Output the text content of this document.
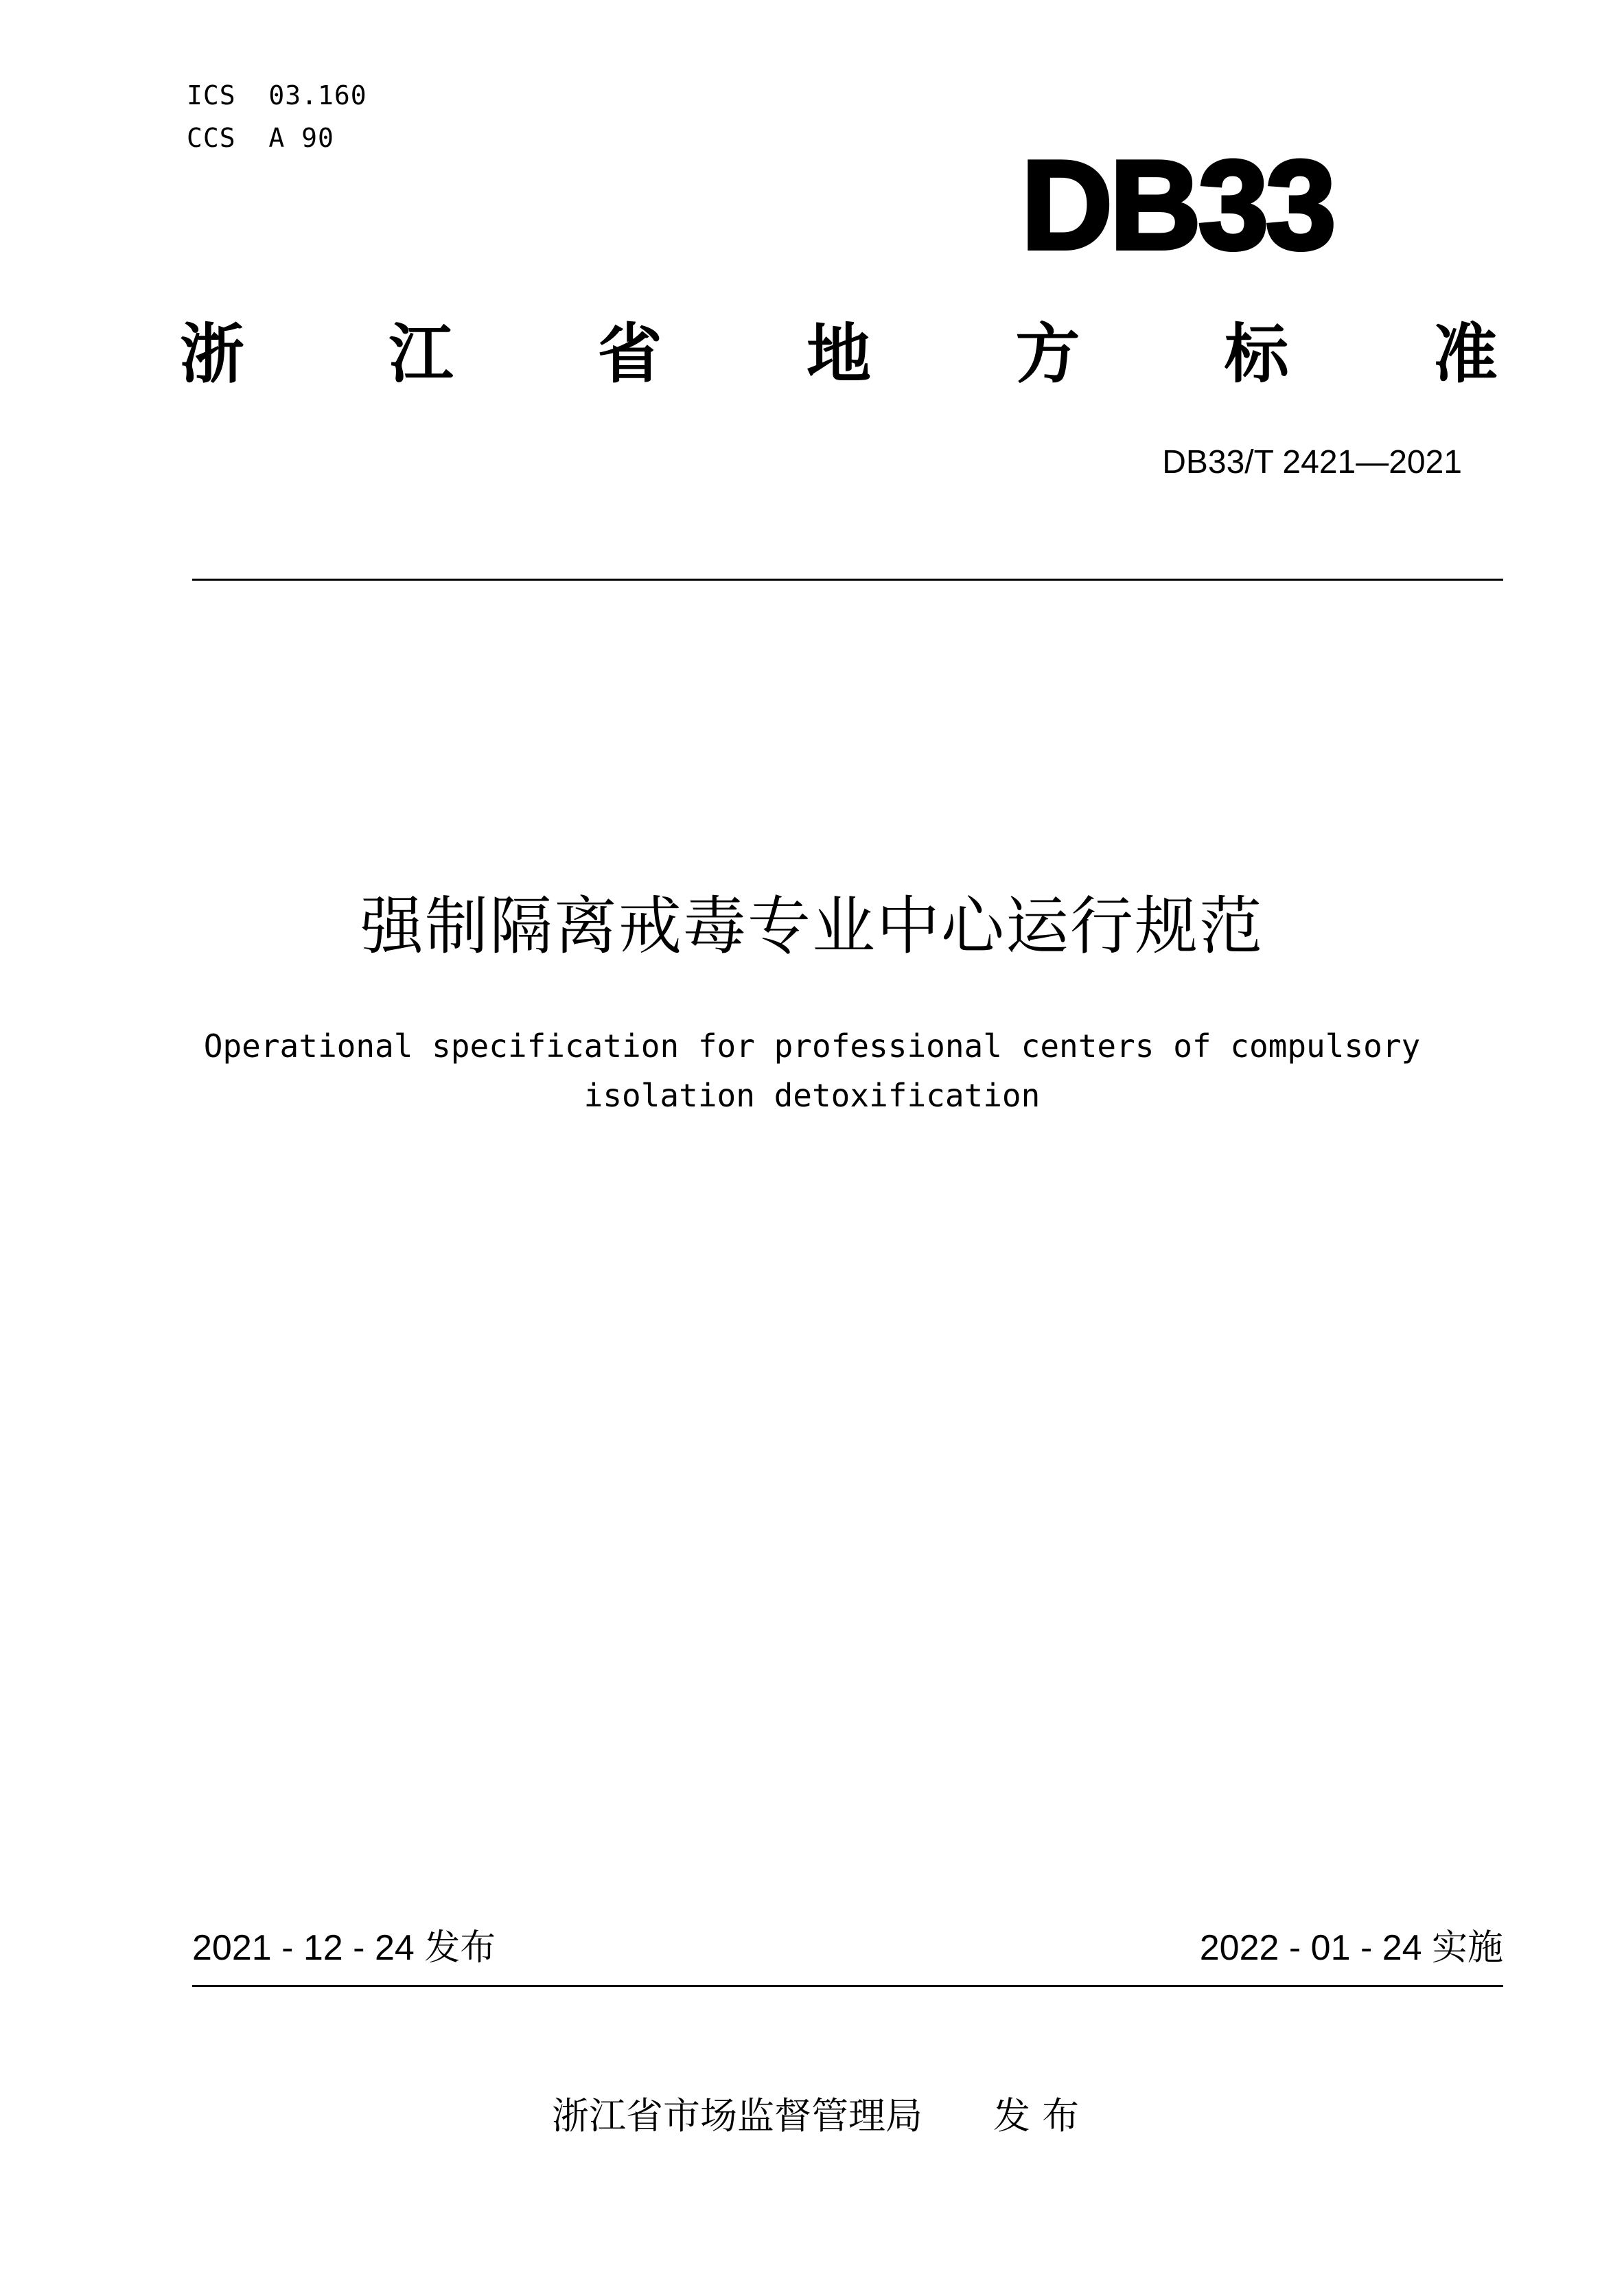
ICS  03.160
CCS  A 90	DB33
浙 江 省 地 方 标 准
DB33/T 2421—2021
强制隔离戒毒专业中心运行规范
Operational specification for professional centers of compulsory
isolation detoxification
2021 - 12 - 24 发布	2022 - 01 - 24 实施
浙江省市场监督管理局      发 布
